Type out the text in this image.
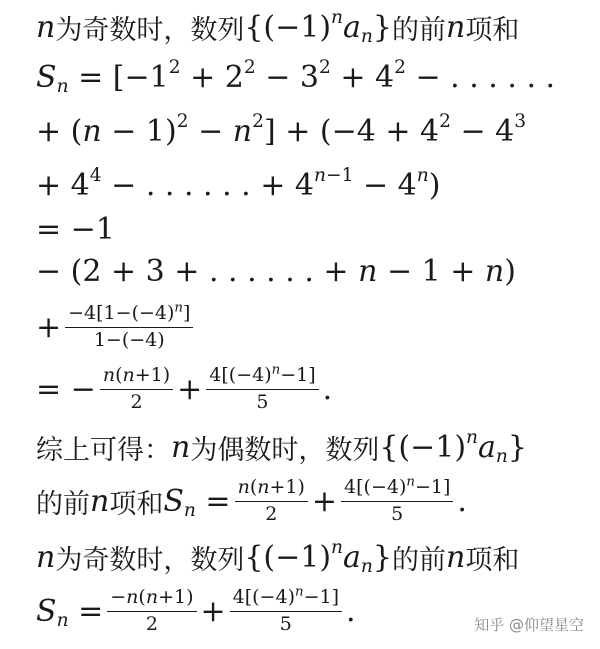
n 为奇数时，数列 $\{(-1)^na_n\}$ 的前 n 项和
$S_n = [-1^2 + 2^2 - 3^2 + 4^2$ − . . . . . .
+ $(n - 1)^2 - n^2] + (-4 + 4^2 - 4^3$
+ $4^4$ − . . . . . . + $4^{n-1} - 4^n$)
= −1
− (2 + 3 + . . . . . . + n − 1 + n)
+ $\frac{-4[1-(-4)^n]}{1-(-4)}$
= − $\frac{n(n+1)}{2} + \frac{4[(-4)^n-1]}{5}$ .
综上可得： n 为偶数时，数列 $\{(-1)^na_n\}$
的前 n 项和 $S_n = \frac{n(n+1)}{2} + \frac{4[(-4)^n-1]}{5}$ .
n 为奇数时，数列 $\{(-1)^na_n\}$ 的前 n 项和
$S_n = \frac{-n(n+1)}{2} + \frac{4[(-4)^n-1]}{5}$ .	知乎 @仰望星空
